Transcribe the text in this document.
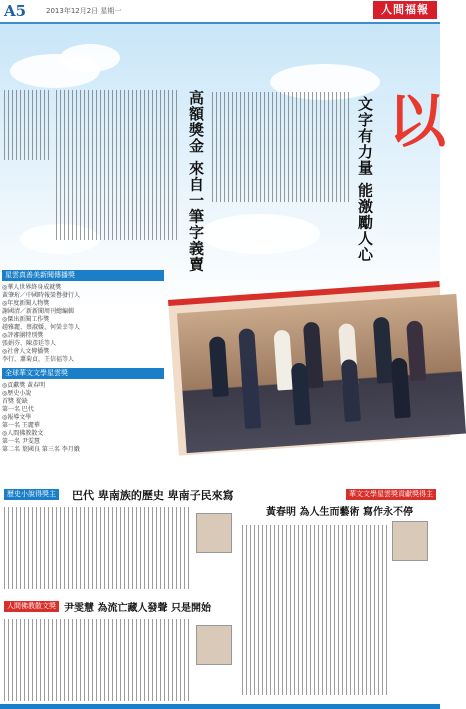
A5	2013年12月2日 星期一	人間福報
以
文字有力量 能激勵人心
高額獎金 來自一筆字義賣
星雲真善美新聞傳播獎
◎華人世界終身成就獎
黃肇珩／中國時報榮譽發行人
◎年度新聞人物獎
謝國清／新新聞周刊總編輯
◎傑出新聞工作獎
趙雅麗、蔡淑媛、何榮幸等人
◎評審團特別獎
張娟芬、陳彥廷等人
◎社會人文傳播獎
李行、蕭菊貞、王信福等人
全球華文文學星雲獎
◎貢獻獎 黃春明
◎歷史小說
首獎 從缺
第一名 巴代
◎報導文學
第一名 王麗華
◎人間佛教散文
第一名 尹雯慧
第二名 葉國良 第三名 李月娥
歷史小說得獎主 巴代 卑南族的歷史 卑南子民來寫	華文文學星雲獎貢獻獎得主
黃春明 為人生而藝術 寫作永不停
人間佛教散文獎 尹雯慧 為流亡藏人發聲 只是開始
